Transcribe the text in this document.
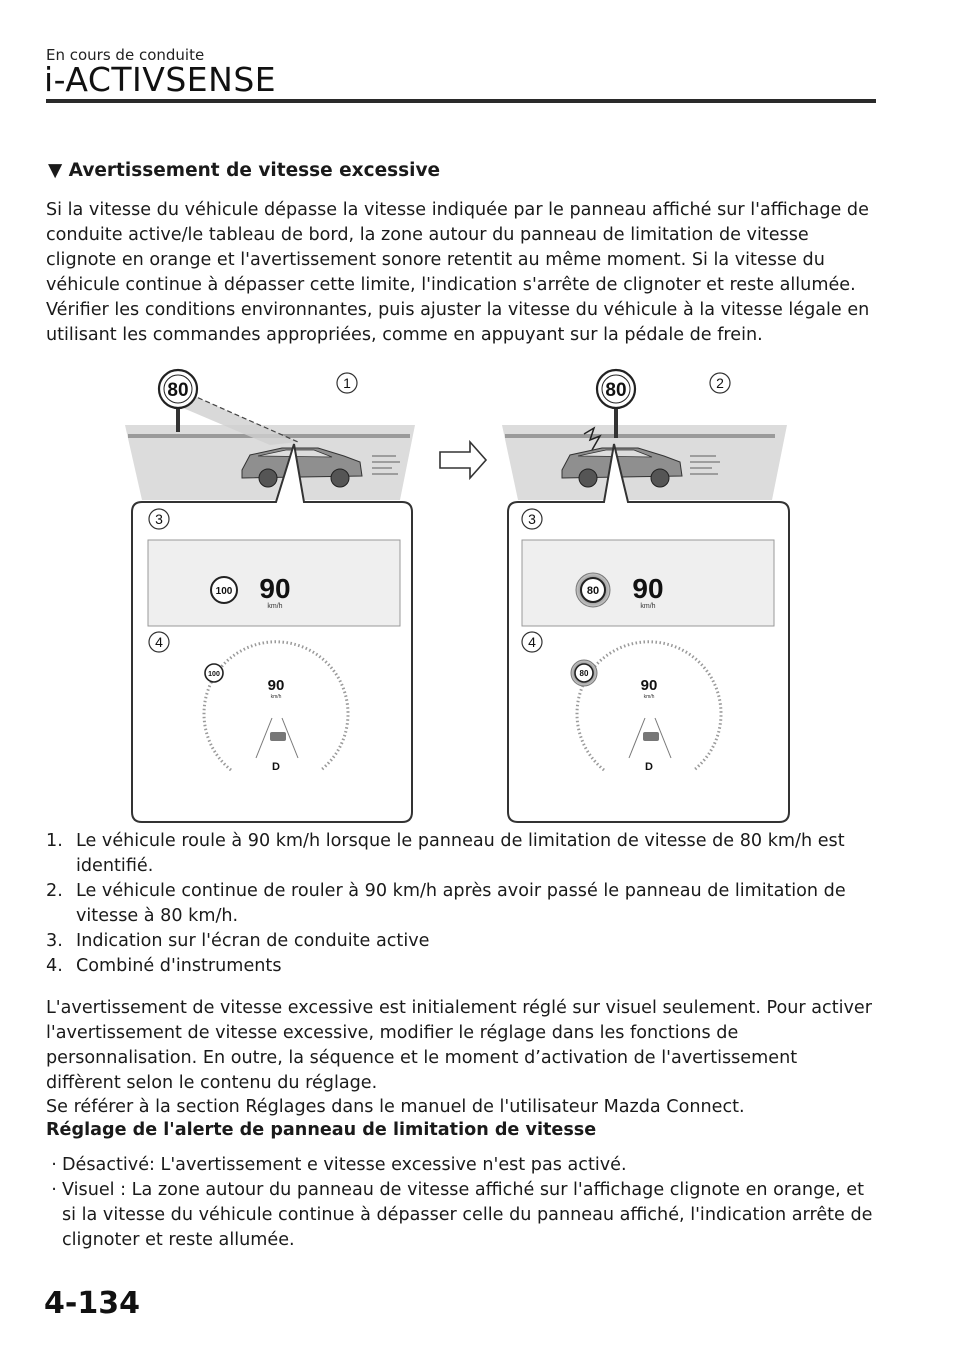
En cours de conduite
i-ACTIVSENSE
▼ Avertissement de vitesse excessive
Si la vitesse du véhicule dépasse la vitesse indiquée par le panneau affiché sur l'affichage de conduite active/le tableau de bord, la zone autour du panneau de limitation de vitesse clignote en orange et l'avertissement sonore retentit au même moment. Si la vitesse du véhicule continue à dépasser cette limite, l'indication s'arrête de clignoter et reste allumée. Vérifier les conditions environnantes, puis ajuster la vitesse du véhicule à la vitesse légale en utilisant les commandes appropriées, comme en appuyant sur la pédale de frein.
80	1	80	2
3
100 90
km/h
4
90
km/h
D
100
3
80 90
km/h
4
90
km/h
D
80
1. Le véhicule roule à 90 km/h lorsque le panneau de limitation de vitesse de 80 km/h est identifié.
2. Le véhicule continue de rouler à 90 km/h après avoir passé le panneau de limitation de vitesse à 80 km/h.
3. Indication sur l'écran de conduite active
4. Combiné d'instruments
L'avertissement de vitesse excessive est initialement réglé sur visuel seulement. Pour activer l'avertissement de vitesse excessive, modifier le réglage dans les fonctions de personnalisation. En outre, la séquence et le moment d’activation de l'avertissement diffèrent selon le contenu du réglage.
Se référer à la section Réglages dans le manuel de l'utilisateur Mazda Connect.
Réglage de l'alerte de panneau de limitation de vitesse
· Désactivé: L'avertissement e vitesse excessive n'est pas activé.
· Visuel : La zone autour du panneau de vitesse affiché sur l'affichage clignote en orange, et si la vitesse du véhicule continue à dépasser celle du panneau affiché, l'indication arrête de clignoter et reste allumée.
4-134
